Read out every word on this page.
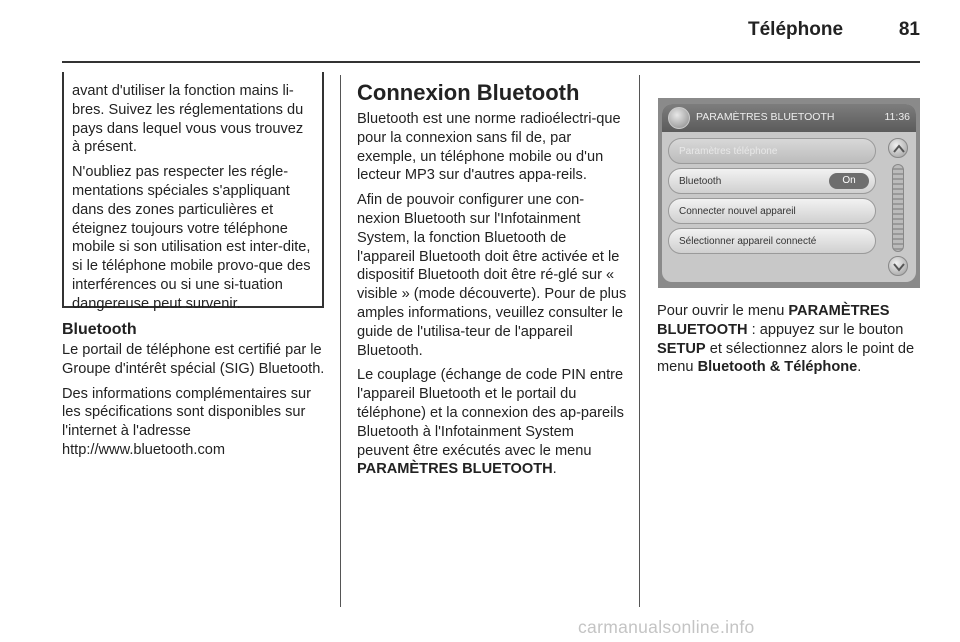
Téléphone	81

avant d'utiliser la fonction mains li-bres. Suivez les réglementations du pays dans lequel vous vous trouvez à présent.

N'oubliez pas respecter les régle-mentations spéciales s'appliquant dans des zones particulières et éteignez toujours votre téléphone mobile si son utilisation est inter-dite, si le téléphone mobile provo-que des interférences ou si une si-tuation dangereuse peut survenir.

Bluetooth

Le portail de téléphone est certifié par le Groupe d'intérêt spécial (SIG) Bluetooth.

Des informations complémentaires sur les spécifications sont disponibles sur l'internet à l'adresse http://www.bluetooth.com

Connexion Bluetooth

Bluetooth est une norme radioélectri-que pour la connexion sans fil de, par exemple, un téléphone mobile ou d'un lecteur MP3 sur d'autres appa-reils.

Afin de pouvoir configurer une con-nexion Bluetooth sur l'Infotainment System, la fonction Bluetooth de l'appareil Bluetooth doit être activée et le dispositif Bluetooth doit être ré-glé sur « visible » (mode découverte). Pour de plus amples informations, veuillez consulter le guide de l'utilisa-teur de l'appareil Bluetooth.

Le couplage (échange de code PIN entre l'appareil Bluetooth et le portail du téléphone) et la connexion des ap-pareils Bluetooth à l'Infotainment System peuvent être exécutés avec le menu PARAMÈTRES BLUETOOTH.

PARAMÈTRES BLUETOOTH	11:36
Paramètres téléphone
Bluetooth	On
Connecter nouvel appareil
Sélectionner appareil connecté

Pour ouvrir le menu PARAMÈTRES BLUETOOTH : appuyez sur le bouton SETUP et sélectionnez alors le point de menu Bluetooth & Téléphone.

carmanualsonline.info
